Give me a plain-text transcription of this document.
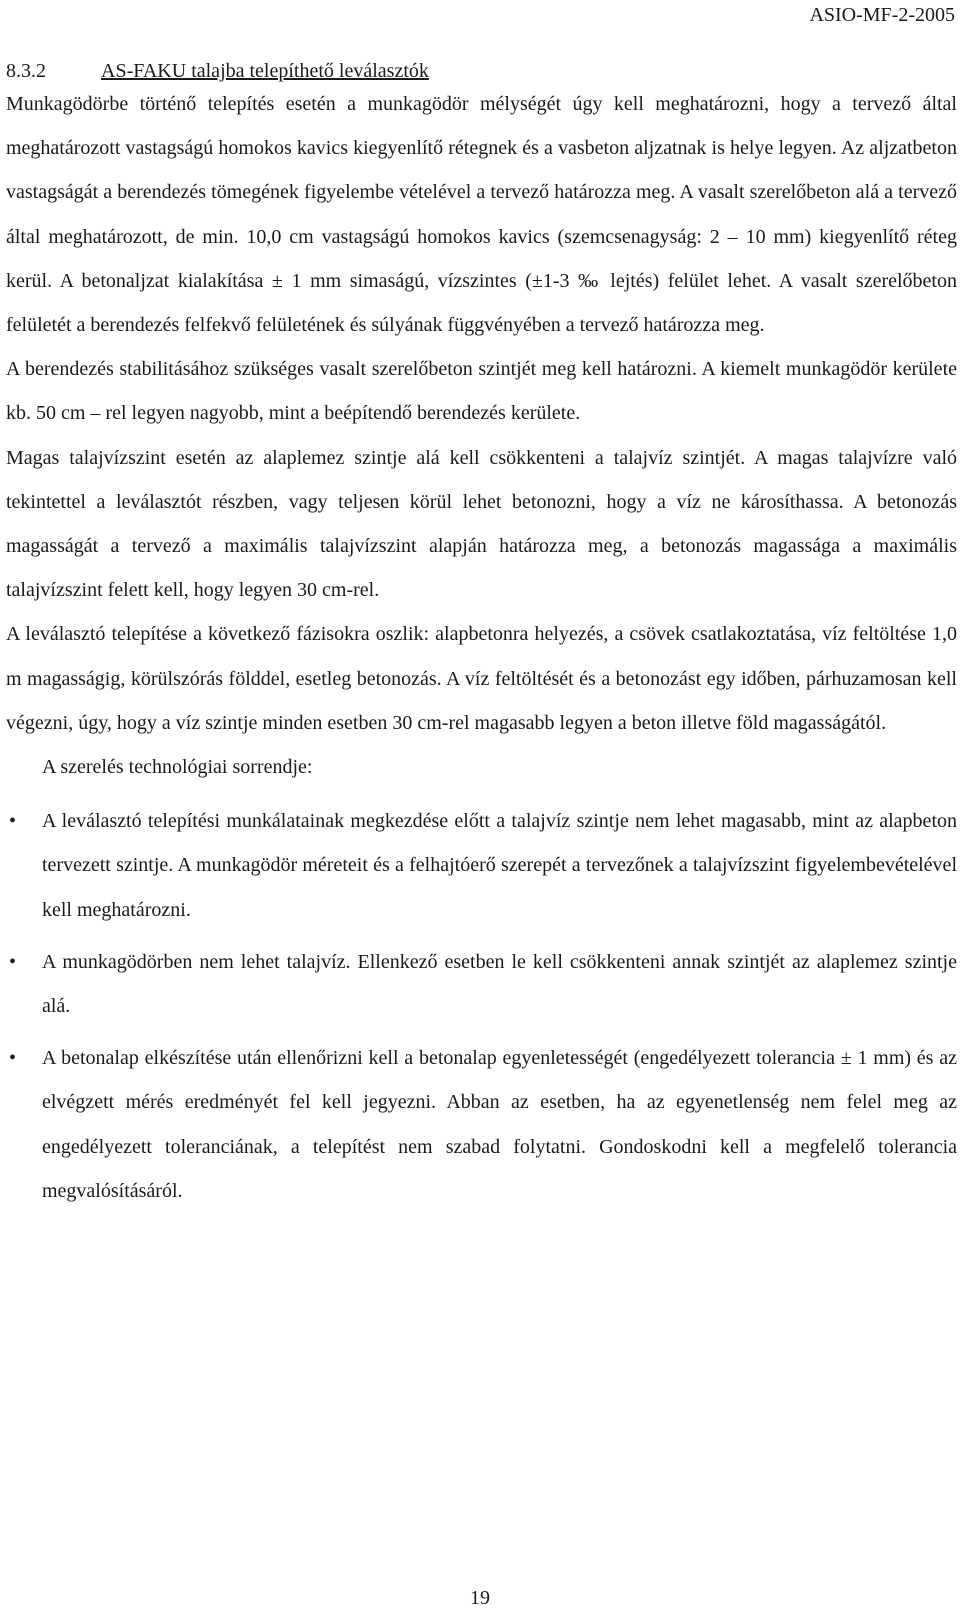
ASIO-MF-2-2005
8.3.2	AS-FAKU talajba telepíthető leválasztók

Munkagödörbe történő telepítés esetén a munkagödör mélységét úgy kell meghatározni, hogy a tervező által meghatározott vastagságú homokos kavics kiegyenlítő rétegnek és a vasbeton aljzatnak is helye legyen. Az aljzatbeton vastagságát a berendezés tömegének figyelembe vételével a tervező határozza meg. A vasalt szerelőbeton alá a tervező által meghatározott, de min. 10,0 cm vastagságú homokos kavics (szemcsenagyság: 2 – 10 mm) kiegyenlítő réteg kerül. A betonaljzat kialakítása ± 1 mm simaságú, vízszintes (±1-3 ‰ lejtés) felület lehet. A vasalt szerelőbeton felületét a berendezés felfekvő felületének és súlyának függvényében a tervező határozza meg.

A berendezés stabilitásához szükséges vasalt szerelőbeton szintjét meg kell határozni. A kiemelt munkagödör kerülete kb. 50 cm – rel legyen nagyobb, mint a beépítendő berendezés kerülete.

Magas talajvízszint esetén az alaplemez szintje alá kell csökkenteni a talajvíz szintjét. A magas talajvízre való tekintettel a leválasztót részben, vagy teljesen körül lehet betonozni, hogy a víz ne károsíthassa. A betonozás magasságát a tervező a maximális talajvízszint alapján határozza meg, a betonozás magassága a maximális talajvízszint felett kell, hogy legyen 30 cm-rel.

A leválasztó telepítése a következő fázisokra oszlik: alapbetonra helyezés, a csövek csatlakoztatása, víz feltöltése 1,0 m magasságig, körülszórás földdel, esetleg betonozás. A víz feltöltését és a betonozást egy időben, párhuzamosan kell végezni, úgy, hogy a víz szintje minden esetben 30 cm-rel magasabb legyen a beton illetve föld magasságától.

A szerelés technológiai sorrendje:

•	A leválasztó telepítési munkálatainak megkezdése előtt a talajvíz szintje nem lehet magasabb, mint az alapbeton tervezett szintje. A munkagödör méreteit és a felhajtóerő szerepét a tervezőnek a talajvízszint figyelembevételével kell meghatározni.

•	A munkagödörben nem lehet talajvíz. Ellenkező esetben le kell csökkenteni annak szintjét az alaplemez szintje alá.

•	A betonalap elkészítése után ellenőrizni kell a betonalap egyenletességét (engedélyezett tolerancia ± 1 mm) és az elvégzett mérés eredményét fel kell jegyezni. Abban az esetben, ha az egyenetlenség nem felel meg az engedélyezett toleranciának, a telepítést nem szabad folytatni. Gondoskodni kell a megfelelő tolerancia megvalósításáról.

19
